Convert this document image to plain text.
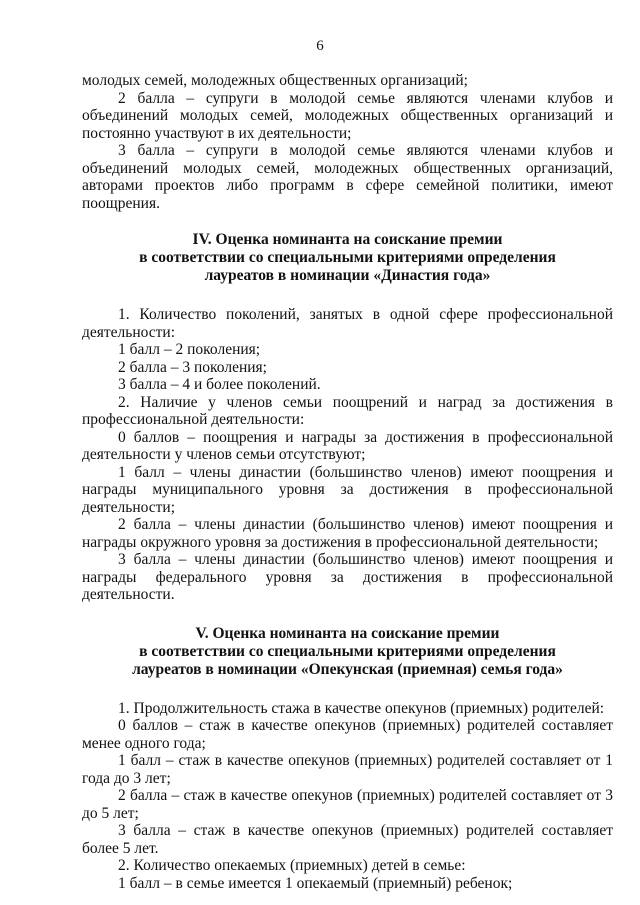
6

молодых семей, молодежных общественных организаций;

2 балла – супруги в молодой семье являются членами клубов и объединений молодых семей, молодежных общественных организаций и постоянно участвуют в их деятельности;

3 балла – супруги в молодой семье являются членами клубов и объединений молодых семей, молодежных общественных организаций, авторами проектов либо программ в сфере семейной политики, имеют поощрения.

IV. Оценка номинанта на соискание премии

в соответствии со специальными критериями определения

лауреатов в номинации «Династия года»

1. Количество поколений, занятых в одной сфере профессиональной деятельности:

1 балл – 2 поколения;

2 балла – 3 поколения;

3 балла – 4 и более поколений.

2. Наличие у членов семьи поощрений и наград за достижения в профессиональной деятельности:

0 баллов – поощрения и награды за достижения в профессиональной деятельности у членов семьи отсутствуют;

1 балл – члены династии (большинство членов) имеют поощрения и награды муниципального уровня за достижения в профессиональной деятельности;

2 балла – члены династии (большинство членов) имеют поощрения и награды окружного уровня за достижения в профессиональной деятельности;

3 балла – члены династии (большинство членов) имеют поощрения и награды федерального уровня за достижения в профессиональной деятельности.

V. Оценка номинанта на соискание премии

в соответствии со специальными критериями определения

лауреатов в номинации «Опекунская (приемная) семья года»

1. Продолжительность стажа в качестве опекунов (приемных) родителей:

0 баллов – стаж в качестве опекунов (приемных) родителей составляет менее одного года;

1 балл – стаж в качестве опекунов (приемных) родителей составляет от 1 года до 3 лет;

2 балла – стаж в качестве опекунов (приемных) родителей составляет от 3 до 5 лет;

3 балла – стаж в качестве опекунов (приемных) родителей составляет более 5 лет.

2. Количество опекаемых (приемных) детей в семье:

1 балл – в семье имеется 1 опекаемый (приемный) ребенок;
